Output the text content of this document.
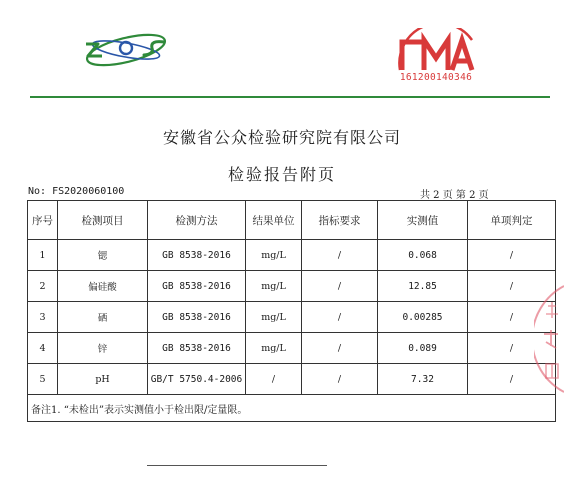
161200140346
安徽省公众检验研究院有限公司
检验报告附页
No: FS2020060100	共 2 页 第 2 页
序号	检测项目	检测方法	结果单位	指标要求	实测值	单项判定
1	锶	GB 8538-2016	mg/L	/	0.068	/
2	偏硅酸	GB 8538-2016	mg/L	/	12.85	/
3	硒	GB 8538-2016	mg/L	/	0.00285	/
4	锌	GB 8538-2016	mg/L	/	0.089	/
5	pH	GB/T 5750.4-2006	/	/	7.32	/
备注1. “未检出”表示实测值小于检出限/定量限。						
